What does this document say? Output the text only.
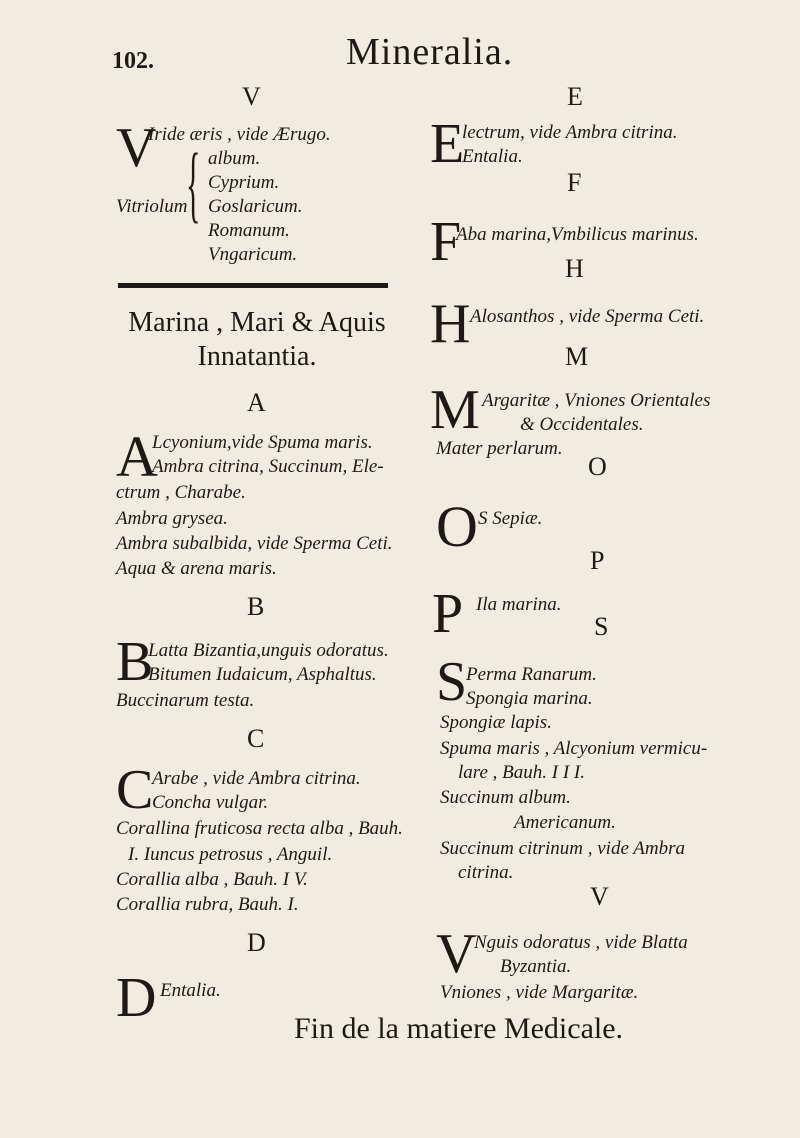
102.	Mineralia.
V
V
Iride æris , vide Ærugo.
Vitriolum
{ album.
Cyprium.
Goslaricum.
Romanum.
Vngaricum.
Marina , Mari & Aquis
Innatantia.
A
A
Lcyonium,vide Spuma maris.
Ambra citrina, Succinum, Ele-
ctrum , Charabe.
Ambra grysea.
Ambra subalbida, vide Sperma Ceti.
Aqua & arena maris.
B
B
Latta Bizantia,unguis odoratus.
Bitumen Iudaicum, Asphaltus.
Buccinarum testa.
C
C
Arabe , vide Ambra citrina.
Concha vulgar.
Corallina fruticosa recta alba , Bauh.
I. Iuncus petrosus , Anguil.
Corallia alba , Bauh. I V.
Corallia rubra, Bauh. I.
D
D Entalia.
E
E
lectrum, vide Ambra citrina.
Entalia.
F
F
Aba marina,Vmbilicus marinus.
H
H Alosanthos , vide Sperma Ceti.
M
M Argaritæ , Vniones Orientales
& Occidentales.
Mater perlarum.
O
O S Sepiæ.
P
P Ila marina.
S
S
Perma Ranarum.
Spongia marina.
Spongiæ lapis.
Spuma maris , Alcyonium vermicu-
lare , Bauh. I I I.
Succinum album.
Americanum.
Succinum citrinum , vide Ambra
citrina.
V
V
Nguis odoratus , vide Blatta
Byzantia.
Vniones , vide Margaritæ.
Fin de la matiere Medicale.
